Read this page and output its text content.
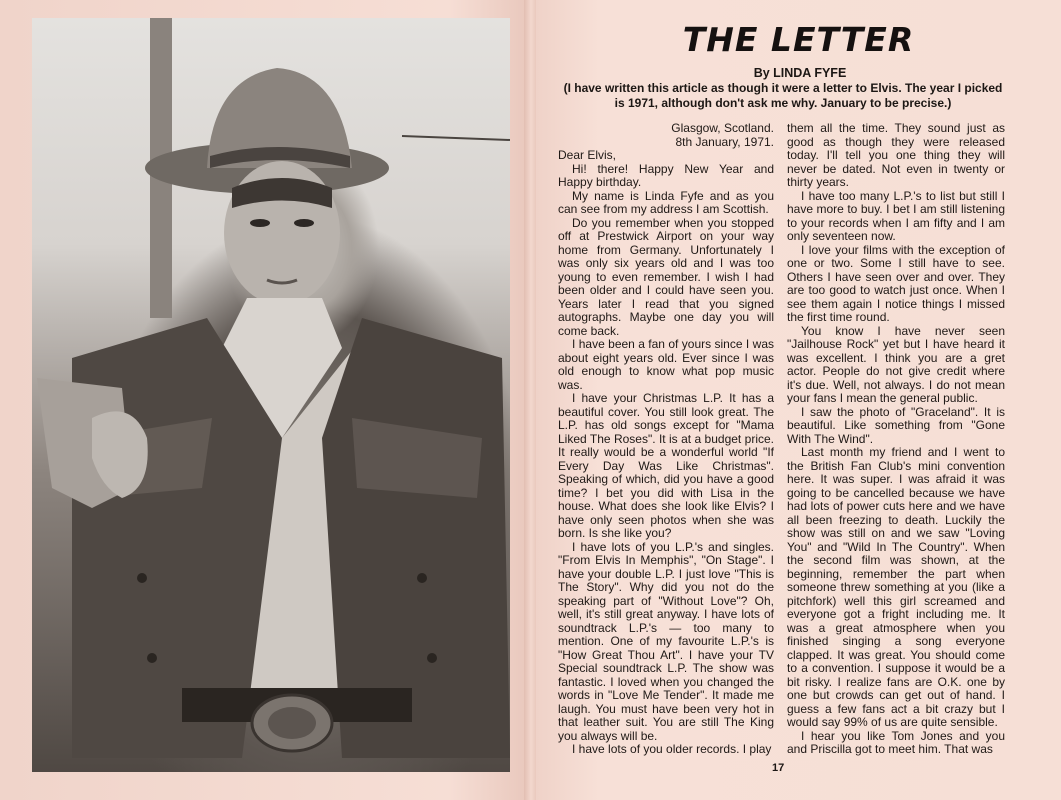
THE LETTER
By LINDA FYFE
(I have written this article as though it were a letter to Elvis. The year I picked is 1971, although don't ask me why. January to be precise.)

Glasgow, Scotland.

8th January, 1971.

Dear Elvis,

Hi! there! Happy New Year and Happy birthday.

My name is Linda Fyfe and as you can see from my address I am Scottish.

Do you remember when you stopped off at Prestwick Airport on your way home from Germany. Unfortunately I was only six years old and I was too young to even remember. I wish I had been older and I could have seen you. Years later I read that you signed autographs. Maybe one day you will come back.

I have been a fan of yours since I was about eight years old. Ever since I was old enough to know what pop music was.

I have your Christmas L.P. It has a beautiful cover. You still look great. The L.P. has old songs except for "Mama Liked The Roses". It is at a budget price. It really would be a wonderful world "If Every Day Was Like Christmas". Speaking of which, did you have a good time? I bet you did with Lisa in the house. What does she look like Elvis? I have only seen photos when she was born. Is she like you?

I have lots of you L.P.'s and singles. "From Elvis In Memphis", "On Stage". I have your double L.P. I just love "This is The Story". Why did you not do the speaking part of "Without Love"? Oh, well, it's still great anyway. I have lots of soundtrack L.P.'s — too many to mention. One of my favourite L.P.'s is "How Great Thou Art". I have your TV Special soundtrack L.P. The show was fantastic. I loved when you changed the words in "Love Me Tender". It made me laugh. You must have been very hot in that leather suit. You are still The King you always will be.

I have lots of you older records. I play

them all the time. They sound just as good as though they were released today. I'll tell you one thing they will never be dated. Not even in twenty or thirty years.

I have too many L.P.'s to list but still I have more to buy. I bet I am still listening to your records when I am fifty and I am only seventeen now.

I love your films with the exception of one or two. Some I still have to see. Others I have seen over and over. They are too good to watch just once. When I see them again I notice things I missed the first time round.

You know I have never seen "Jailhouse Rock" yet but I have heard it was excellent. I think you are a gret actor. People do not give credit where it's due. Well, not always. I do not mean your fans I mean the general public.

I saw the photo of "Graceland". It is beautiful. Like something from "Gone With The Wind".

Last month my friend and I went to the British Fan Club's mini convention here. It was super. I was afraid it was going to be cancelled because we have had lots of power cuts here and we have all been freezing to death. Luckily the show was still on and we saw "Loving You" and "Wild In The Country". When the second film was shown, at the beginning, remember the part when someone threw something at you (like a pitchfork) well this girl screamed and everyone got a fright including me. It was a great atmosphere when you finished singing a song everyone clapped. It was great. You should come to a convention. I suppose it would be a bit risky. I realize fans are O.K. one by one but crowds can get out of hand. I guess a few fans act a bit crazy but I would say 99% of us are quite sensible.

I hear you like Tom Jones and you and Priscilla got to meet him. That was

17
